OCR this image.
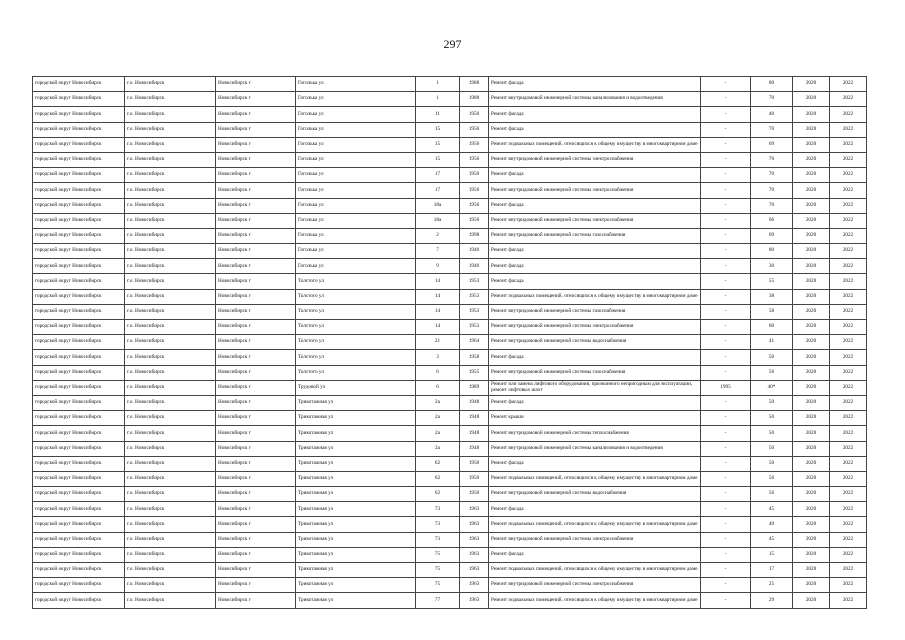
297
городской округ Новосибирск	г.о. Новосибирск	Новосибирск г	Гоголька ул	1	1988	Ремонт фасада	-	80	2020	2022
городской округ Новосибирск	г.о. Новосибирск	Новосибирск г	Гоголька ул	1	1988	Ремонт внутридомовой инженерной системы канализования и водоотведения	-	70	2020	2022
городской округ Новосибирск	г.о. Новосибирск	Новосибирск г	Гоголька ул	11	1950	Ремонт фасада	-	40	2020	2022
городской округ Новосибирск	г.о. Новосибирск	Новосибирск г	Гоголька ул	15	1956	Ремонт фасада	-	70	2020	2022
городской округ Новосибирск	г.о. Новосибирск	Новосибирск г	Гоголька ул	15	1956	Ремонт подвальных помещений, относящихся к общему имуществу в многоквартирном доме	-	69	2020	2022
городской округ Новосибирск	г.о. Новосибирск	Новосибирск г	Гоголька ул	15	1956	Ремонт внутридомовой инженерной системы электроснабжения	-	70	2020	2022
городской округ Новосибирск	г.о. Новосибирск	Новосибирск г	Гоголька ул	17	1950	Ремонт фасада	-	70	2020	2022
городской округ Новосибирск	г.о. Новосибирск	Новосибирск г	Гоголька ул	17	1956	Ремонт внутридомовой инженерной системы электроснабжения	-	70	2020	2022
городской округ Новосибирск	г.о. Новосибирск	Новосибирск г	Гоголька ул	18а	1956	Ремонт фасада	-	70	2020	2022
городской округ Новосибирск	г.о. Новосибирск	Новосибирск г	Гоголька ул	18а	1956	Ремонт внутридомовой инженерной системы электроснабжения	-	66	2020	2022
городской округ Новосибирск	г.о. Новосибирск	Новосибирск г	Гоголька ул	2	1998	Ремонт внутридомовой инженерной системы газоснабжения	-	69	2020	2022
городской округ Новосибирск	г.о. Новосибирск	Новосибирск г	Гоголька ул	7	1940	Ремонт фасада	-	80	2020	2022
городской округ Новосибирск	г.о. Новосибирск	Новосибирск г	Гоголька ул	9	1940	Ремонт фасада	-	30	2020	2022
городской округ Новосибирск	г.о. Новосибирск	Новосибирск г	Толстого ул	14	1953	Ремонт фасада	-	55	2020	2022
городской округ Новосибирск	г.о. Новосибирск	Новосибирск г	Толстого ул	14	1953	Ремонт подвальных помещений, относящихся к общему имуществу в многоквартирном доме	-	38	2020	2022
городской округ Новосибирск	г.о. Новосибирск	Новосибирск г	Толстого ул	14	1953	Ремонт внутридомовой инженерной системы газоснабжения	-	58	2020	2022
городской округ Новосибирск	г.о. Новосибирск	Новосибирск г	Толстого ул	14	1953	Ремонт внутридомовой инженерной системы электроснабжения	-	60	2020	2022
городской округ Новосибирск	г.о. Новосибирск	Новосибирск г	Толстого ул	21	1964	Ремонт внутридомовой инженерной системы водоснабжения	-	41	2020	2022
городской округ Новосибирск	г.о. Новосибирск	Новосибирск г	Толстого ул	3	1958	Ремонт фасада	-	50	2020	2022
городской округ Новосибирск	г.о. Новосибирск	Новосибирск г	Толстого ул	6	1955	Ремонт внутридомовой инженерной системы газоснабжения	-	56	2020	2022
городской округ Новосибирск	г.о. Новосибирск	Новосибирск г	Трудовой ул	6	1989	Ремонт или замена лифтового оборудования, признанного непригодным для эксплуатации, ремонт лифтовых шахт	1995	40*	2020	2022
городской округ Новосибирск	г.о. Новосибирск	Новосибирск г	Трикотажная ул	2а	1948	Ремонт фасада	-	50	2020	2022
городской округ Новосибирск	г.о. Новосибирск	Новосибирск г	Трикотажная ул	2а	1948	Ремонт крыши	-	50	2020	2022
городской округ Новосибирск	г.о. Новосибирск	Новосибирск г	Трикотажная ул	2а	1948	Ремонт внутридомовой инженерной системы теплоснабжения	-	50	2020	2022
городской округ Новосибирск	г.о. Новосибирск	Новосибирск г	Трикотажная ул	2а	1948	Ремонт внутридомовой инженерной системы канализования и водоотведения	-	50	2020	2022
городской округ Новосибирск	г.о. Новосибирск	Новосибирск г	Трикотажная ул	62	1950	Ремонт фасада	-	50	2020	2022
городской округ Новосибирск	г.о. Новосибирск	Новосибирск г	Трикотажная ул	62	1950	Ремонт подвальных помещений, относящихся к общему имуществу в многоквартирном доме	-	56	2020	2022
городской округ Новосибирск	г.о. Новосибирск	Новосибирск г	Трикотажная ул	62	1950	Ремонт внутридомовой инженерной системы водоснабжения	-	56	2020	2022
городской округ Новосибирск	г.о. Новосибирск	Новосибирск г	Трикотажная ул	73	1963	Ремонт фасада	-	45	2020	2022
городской округ Новосибирск	г.о. Новосибирск	Новосибирск г	Трикотажная ул	73	1963	Ремонт подвальных помещений, относящихся к общему имуществу в многоквартирном доме	-	40	2020	2022
городской округ Новосибирск	г.о. Новосибирск	Новосибирск г	Трикотажная ул	73	1963	Ремонт внутридомовой инженерной системы электроснабжения	-	45	2020	2022
городской округ Новосибирск	г.о. Новосибирск	Новосибирск г	Трикотажная ул	75	1963	Ремонт фасада	-	15	2020	2022
городской округ Новосибирск	г.о. Новосибирск	Новосибирск г	Трикотажная ул	75	1963	Ремонт подвальных помещений, относящихся к общему имуществу в многоквартирном доме	-	17	2020	2022
городской округ Новосибирск	г.о. Новосибирск	Новосибирск г	Трикотажная ул	75	1963	Ремонт внутридомовой инженерной системы электроснабжения	-	25	2020	2022
городской округ Новосибирск	г.о. Новосибирск	Новосибирск г	Трикотажная ул	77	1963	Ремонт подвальных помещений, относящихся к общему имуществу в многоквартирном доме	-	29	2020	2022
